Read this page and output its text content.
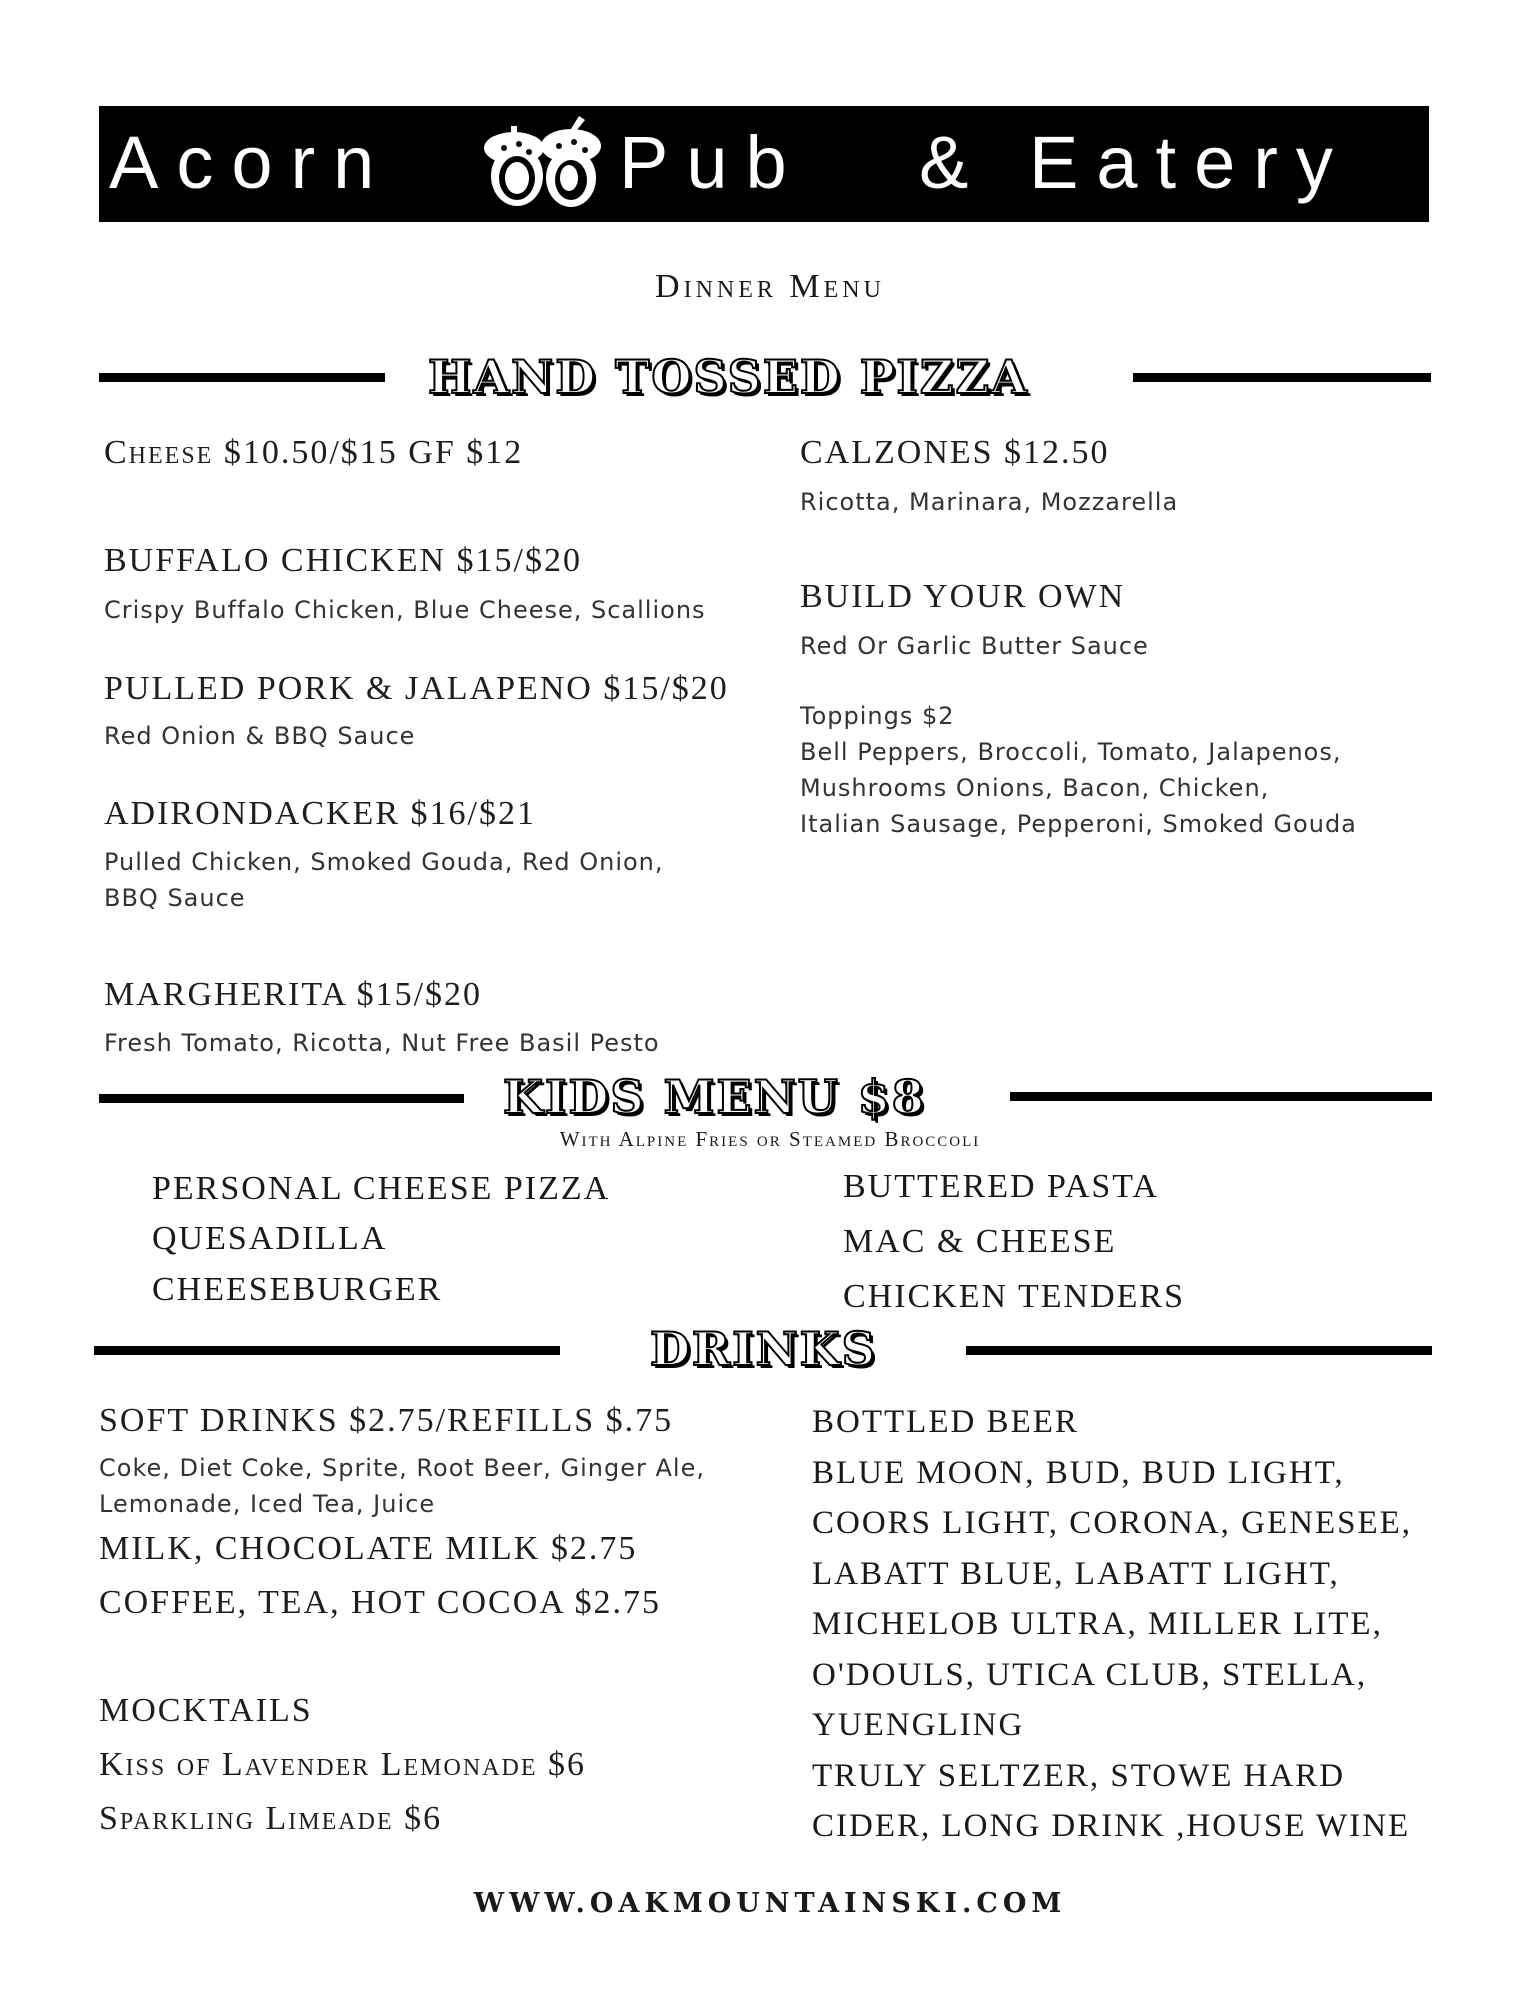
Acorn	Pub & Eatery
Dinner Menu
HAND TOSSED PIZZA
Cheese $10.50/$15 GF $12
BUFFALO CHICKEN $15/$20
Crispy Buffalo Chicken, Blue Cheese, Scallions
PULLED PORK & JALAPENO $15/$20
Red Onion & BBQ Sauce
ADIRONDACKER $16/$21
Pulled Chicken, Smoked Gouda, Red Onion,
BBQ Sauce
MARGHERITA $15/$20
Fresh Tomato, Ricotta, Nut Free Basil Pesto
CALZONES $12.50
Ricotta, Marinara, Mozzarella
BUILD YOUR OWN
Red Or Garlic Butter Sauce
Toppings $2
Bell Peppers, Broccoli, Tomato, Jalapenos,
Mushrooms Onions, Bacon, Chicken,
Italian Sausage, Pepperoni, Smoked Gouda
KIDS MENU $8
With Alpine Fries or Steamed Broccoli
PERSONAL CHEESE PIZZA
QUESADILLA
CHEESEBURGER
BUTTERED PASTA
MAC & CHEESE
CHICKEN TENDERS
DRINKS
SOFT DRINKS $2.75/REFILLS $.75
Coke, Diet Coke, Sprite, Root Beer, Ginger Ale,
Lemonade, Iced Tea, Juice
MILK, CHOCOLATE MILK $2.75
COFFEE, TEA, HOT COCOA $2.75
MOCKTAILS
Kiss of Lavender Lemonade $6
Sparkling Limeade $6
BOTTLED BEER
BLUE MOON, BUD, BUD LIGHT,
COORS LIGHT, CORONA, GENESEE,
LABATT BLUE, LABATT LIGHT,
MICHELOB ULTRA, MILLER LITE,
O'DOULS, UTICA CLUB, STELLA,
YUENGLING
TRULY SELTZER, STOWE HARD
CIDER, LONG DRINK ,HOUSE WINE
WWW.OAKMOUNTAINSKI.COM
